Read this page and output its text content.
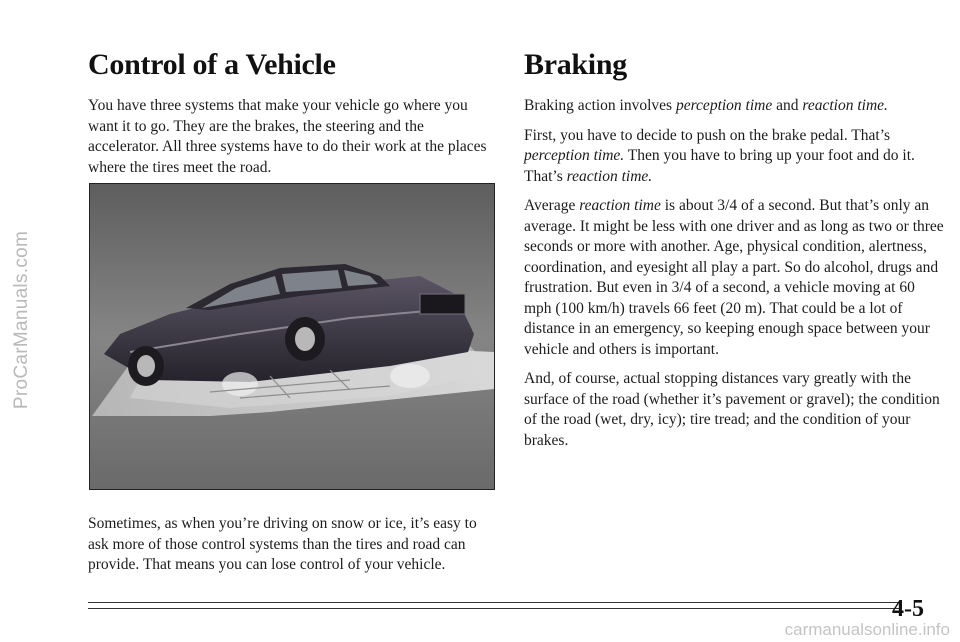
ProCarManuals.com
Control of a Vehicle

You have three systems that make your vehicle go where you want it to go. They are the brakes, the steering and the accelerator. All three systems have to do their work at the places where the tires meet the road.

Sometimes, as when you’re driving on snow or ice, it’s easy to ask more of those control systems than the tires and road can provide. That means you can lose control of your vehicle.

Braking

Braking action involves perception time and reaction time.

First, you have to decide to push on the brake pedal. That’s perception time. Then you have to bring up your foot and do it. That’s reaction time.

Average reaction time is about 3/4 of a second. But that’s only an average. It might be less with one driver and as long as two or three seconds or more with another. Age, physical condition, alertness, coordination, and eyesight all play a part. So do alcohol, drugs and frustration. But even in 3/4 of a second, a vehicle moving at 60 mph (100 km/h) travels 66 feet (20 m). That could be a lot of distance in an emergency, so keeping enough space between your vehicle and others is important.

And, of course, actual stopping distances vary greatly with the surface of the road (whether it’s pavement or gravel); the condition of the road (wet, dry, icy); tire tread; and the condition of your brakes.

4-5
carmanualsonline.info
